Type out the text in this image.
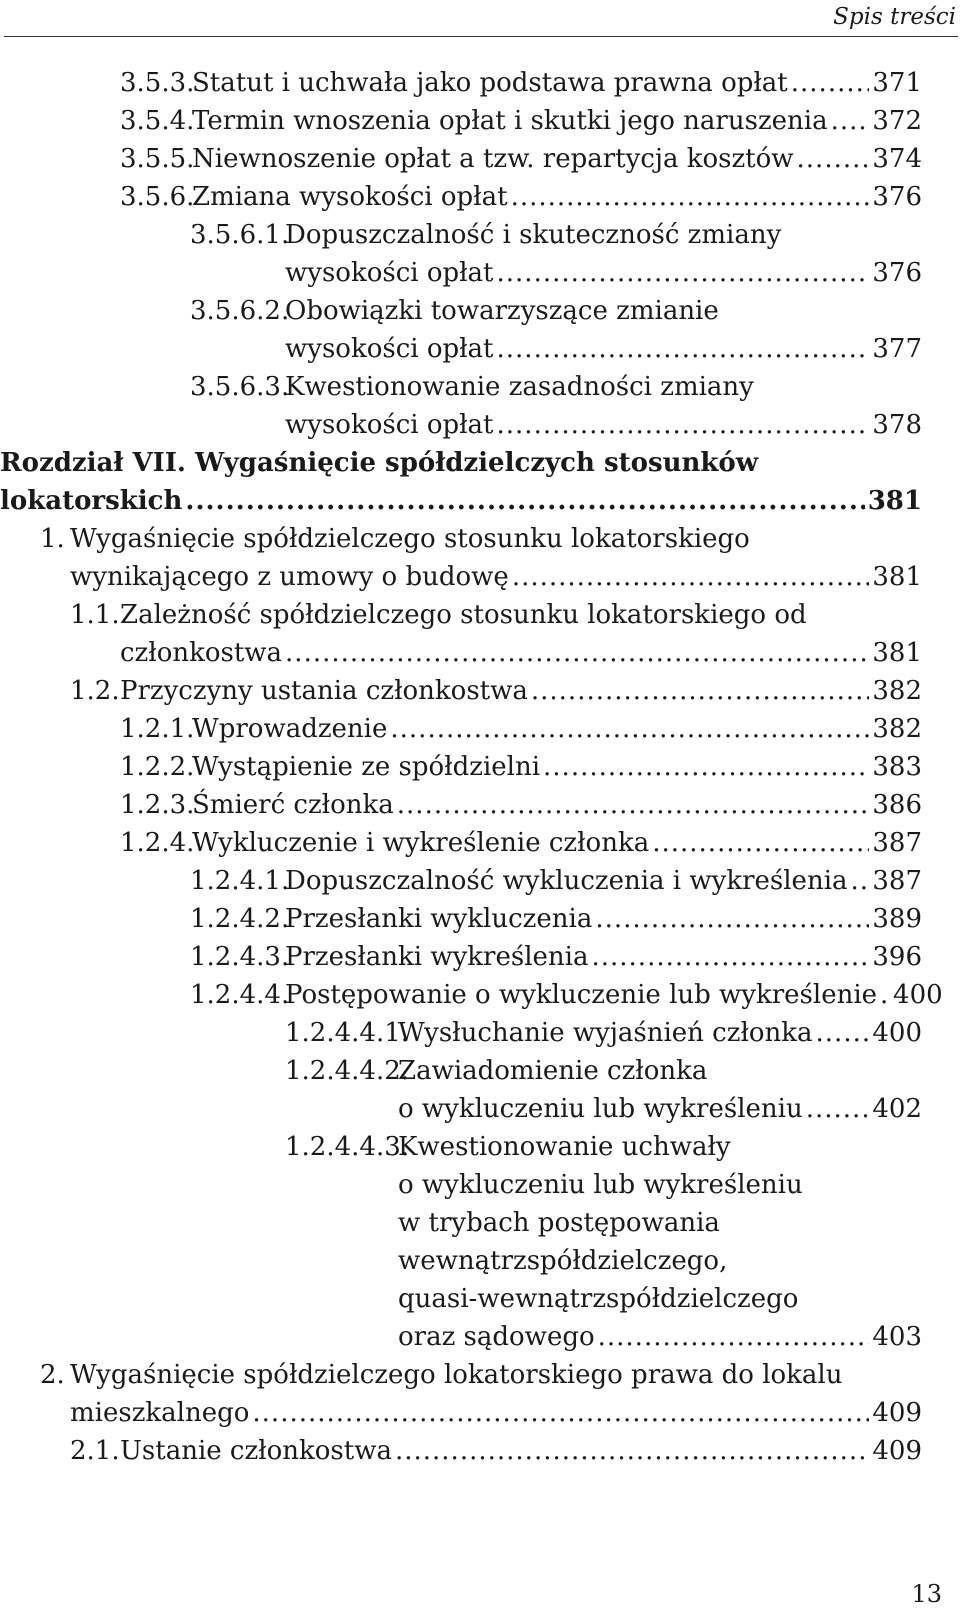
Spis treści
3.5.3.
Statut i uchwała jako podstawa prawna opłat .....	371
3.5.4.
Termin wnoszenia opłat i skutki jego naruszenia ..... 372
3.5.5.
Niewnoszenie opłat a tzw. repartycja kosztów .....	374
3.5.6.
Zmiana wysokości opłat .....	376
3.5.6.1.
Dopuszczalność i skuteczność zmiany
wysokości opłat .....	376
3.5.6.2.
Obowiązki towarzyszące zmianie
wysokości opłat .....	377
3.5.6.3.
Kwestionowanie zasadności zmiany
wysokości opłat .....	378
Rozdział VII. Wygaśnięcie spółdzielczych stosunków
lokatorskich .....	381
1. Wygaśnięcie spółdzielczego stosunku lokatorskiego
wynikającego z umowy o budowę .....	381
1.1. Zależność spółdzielczego stosunku lokatorskiego od
członkostwa .....	381
1.2. Przyczyny ustania członkostwa .....	382
1.2.1.
Wprowadzenie .....	382
1.2.2.
Wystąpienie ze spółdzielni .....	383
1.2.3.
Śmierć członka .....	386
1.2.4.
Wykluczenie i wykreślenie członka .....	387
1.2.4.1.
Dopuszczalność wykluczenia i wykreślenia ..... 387
1.2.4.2.
Przesłanki wykluczenia .....	389
1.2.4.3.
Przesłanki wykreślenia .....	396
1.2.4.4.
Postępowanie o wykluczenie lub wykreślenie ..... 400
1.2.4.4.1.
Wysłuchanie wyjaśnień członka ..... 400
1.2.4.4.2.
Zawiadomienie członka
o wykluczeniu lub wykreśleniu .....	402
1.2.4.4.3.
Kwestionowanie uchwały
o wykluczeniu lub wykreśleniu
w trybach postępowania
wewnątrzspółdzielczego,
quasi-wewnątrzspółdzielczego
oraz sądowego .....	403
2. Wygaśnięcie spółdzielczego lokatorskiego prawa do lokalu
mieszkalnego .....	409
2.1. Ustanie członkostwa .....	409
13
